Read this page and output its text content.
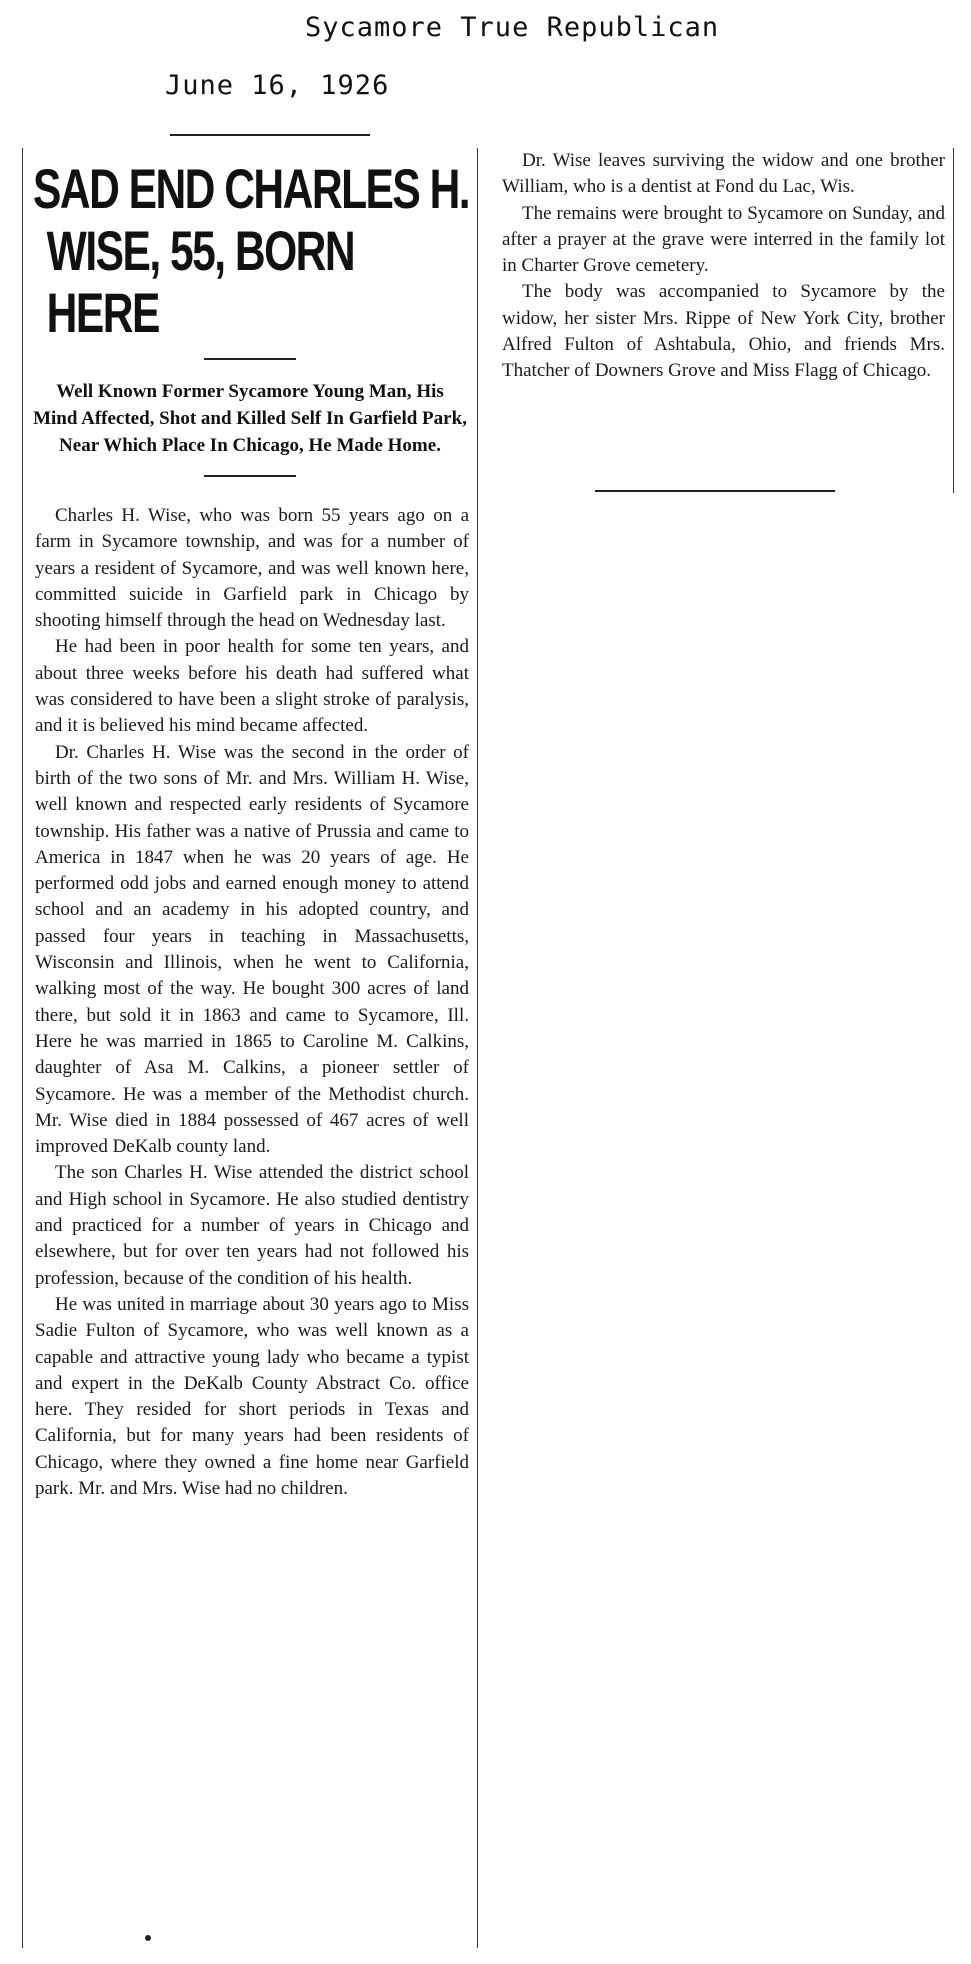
Sycamore True Republican
June 16, 1926
SAD END CHARLES H.
WISE, 55, BORN HERE
Well Known Former Sycamore Young Man, His Mind Affected, Shot and Killed Self In Garfield Park, Near Which Place In Chicago, He Made Home.

Charles H. Wise, who was born 55 years ago on a farm in Sycamore township, and was for a number of years a resident of Sycamore, and was well known here, committed suicide in Garfield park in Chicago by shooting himself through the head on Wednesday last.

He had been in poor health for some ten years, and about three weeks before his death had suffered what was considered to have been a slight stroke of paralysis, and it is believed his mind became affected.

Dr. Charles H. Wise was the second in the order of birth of the two sons of Mr. and Mrs. William H. Wise, well known and respected early residents of Sycamore township. His father was a native of Prussia and came to America in 1847 when he was 20 years of age. He performed odd jobs and earned enough money to attend school and an academy in his adopted country, and passed four years in teaching in Massachusetts, Wisconsin and Illinois, when he went to California, walking most of the way. He bought 300 acres of land there, but sold it in 1863 and came to Sycamore, Ill. Here he was married in 1865 to Caroline M. Calkins, daughter of Asa M. Calkins, a pioneer settler of Sycamore. He was a member of the Methodist church. Mr. Wise died in 1884 possessed of 467 acres of well improved DeKalb county land.

The son Charles H. Wise attended the district school and High school in Sycamore. He also studied dentistry and practiced for a number of years in Chicago and elsewhere, but for over ten years had not followed his profession, because of the condition of his health.

He was united in marriage about 30 years ago to Miss Sadie Fulton of Sycamore, who was well known as a capable and attractive young lady who became a typist and expert in the DeKalb County Abstract Co. office here. They resided for short periods in Texas and California, but for many years had been residents of Chicago, where they owned a fine home near Garfield park. Mr. and Mrs. Wise had no children.

Dr. Wise leaves surviving the widow and one brother William, who is a dentist at Fond du Lac, Wis.

The remains were brought to Sycamore on Sunday, and after a prayer at the grave were interred in the family lot in Charter Grove cemetery.

The body was accompanied to Sycamore by the widow, her sister Mrs. Rippe of New York City, brother Alfred Fulton of Ashtabula, Ohio, and friends Mrs. Thatcher of Downers Grove and Miss Flagg of Chicago.
